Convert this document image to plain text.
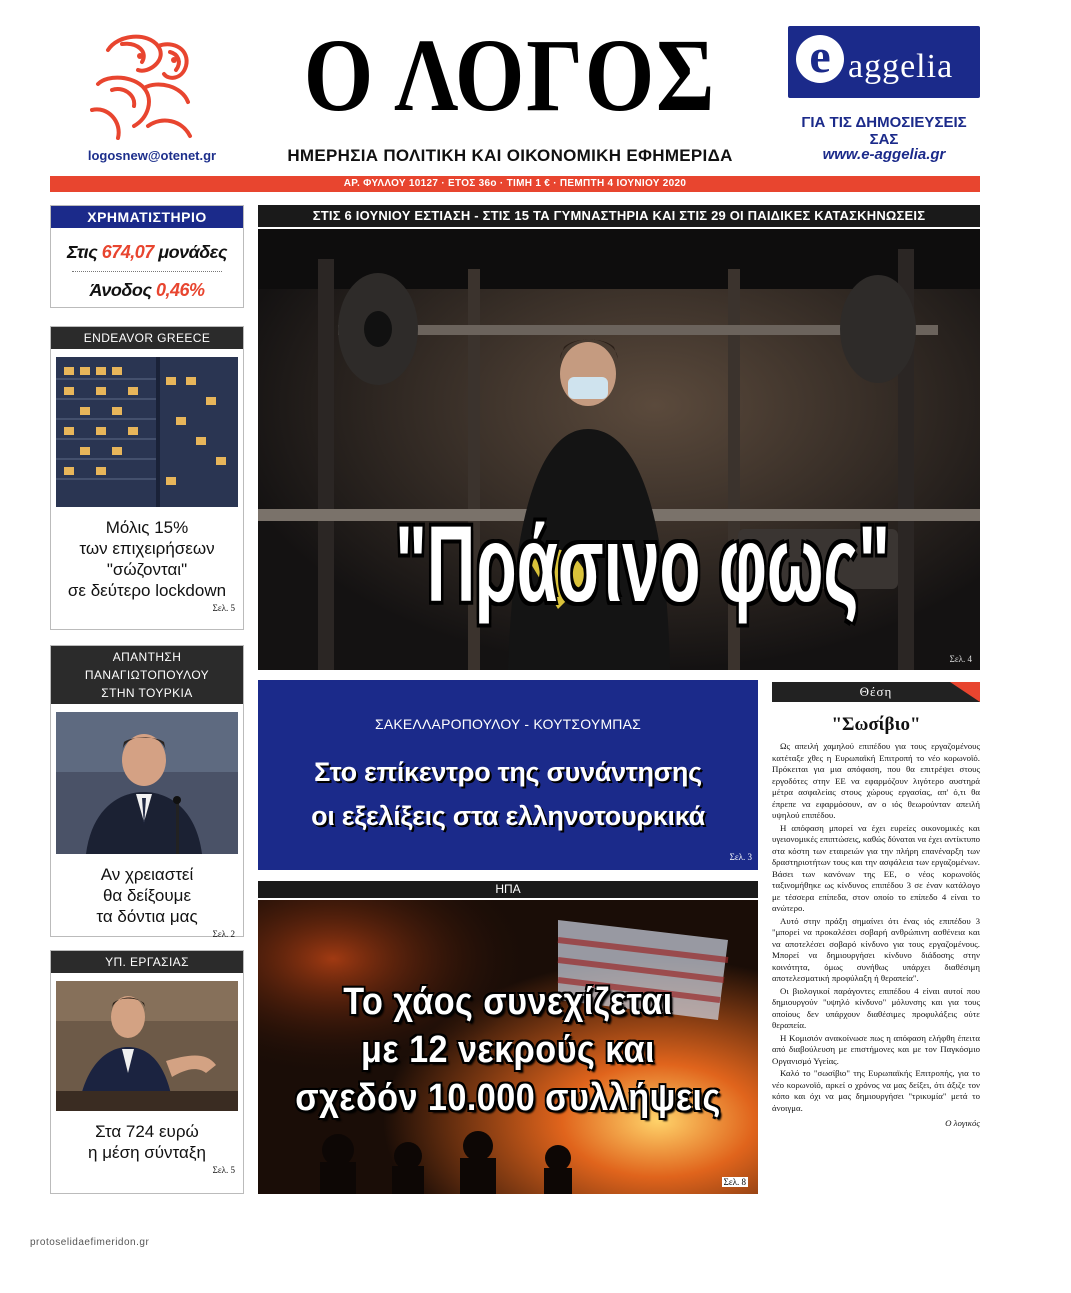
logosnew@otenet.gr
Ο ΛΟΓΟΣ
ΗΜΕΡΗΣΙΑ ΠΟΛΙΤΙΚΗ ΚΑΙ ΟΙΚΟΝΟΜΙΚΗ ΕΦΗΜΕΡΙΔΑ
e aggelia
ΓΙΑ ΤΙΣ ΔΗΜΟΣΙΕΥΣΕΙΣ ΣΑΣ
www.e-aggelia.gr
ΑΡ. ΦΥΛΛΟΥ 10127 · ΕΤΟΣ 36ο · ΤΙΜΗ 1 € · ΠΕΜΠΤΗ 4 ΙΟΥΝΙΟΥ 2020
ΧΡΗΜΑΤΙΣΤΗΡΙΟ
Στις 674,07 μονάδες
Άνοδος 0,46%
ENDEAVOR GREECE
Μόλις 15%
των επιχειρήσεων
"σώζονται"
σε δεύτερο lockdown
Σελ. 5
ΑΠΑΝΤΗΣΗ ΠΑΝΑΓΙΩΤΟΠΟΥΛΟΥ
ΣΤΗΝ ΤΟΥΡΚΙΑ
Αν χρειαστεί
θα δείξουμε
τα δόντια μας
Σελ. 2
ΥΠ. ΕΡΓΑΣΙΑΣ
Στα 724 ευρώ
η μέση σύνταξη
Σελ. 5
ΣΤΙΣ 6 ΙΟΥΝΙΟΥ ΕΣΤΙΑΣΗ - ΣΤΙΣ 15 ΤΑ ΓΥΜΝΑΣΤΗΡΙΑ ΚΑΙ ΣΤΙΣ 29 ΟΙ ΠΑΙΔΙΚΕΣ ΚΑΤΑΣΚΗΝΩΣΕΙΣ
"Πράσινο φως"
Σελ. 4
ΣΑΚΕΛΛΑΡΟΠΟΥΛΟΥ - ΚΟΥΤΣΟΥΜΠΑΣ
Στο επίκεντρο της συνάντησης
οι εξελίξεις στα ελληνοτουρκικά
Σελ. 3
ΗΠΑ
Το χάος συνεχίζεται
με 12 νεκρούς και
σχεδόν 10.000 συλλήψεις
Σελ. 8
Θέση
"Σωσίβιο"

Ως απειλή χαμηλού επιπέδου για τους εργαζομένους κατέταξε χθες η Ευρωπαϊκή Επιτροπή το νέο κορωνοϊό. Πρόκειται για μια απόφαση, που θα επιτρέψει στους εργοδότες στην ΕΕ να εφαρμόζουν λιγότερο αυστηρά μέτρα ασφαλείας στους χώρους εργασίας, απ' ό,τι θα έπρεπε να εφαρμόσουν, αν ο ιός θεωρούνταν απειλή υψηλού επιπέδου.

Η απόφαση μπορεί να έχει ευρείες οικονομικές και υγειονομικές επιπτώσεις, καθώς δύναται να έχει αντίκτυπο στα κόστη των εταιρειών για την πλήρη επανέναρξη των δραστηριοτήτων τους και την ασφάλεια των εργαζομένων. Βάσει των κανόνων της ΕΕ, ο νέος κορωνοϊός ταξινομήθηκε ως κίνδυνος επιπέδου 3 σε έναν κατάλογο με τέσσερα επίπεδα, στον οποίο το επίπεδο 4 είναι το ανώτερο.

Αυτό στην πράξη σημαίνει ότι ένας ιός επιπέδου 3 "μπορεί να προκαλέσει σοβαρή ανθρώπινη ασθένεια και να αποτελέσει σοβαρό κίνδυνο για τους εργαζομένους. Μπορεί να δημιουργήσει κίνδυνο διάδοσης στην κοινότητα, όμως συνήθως υπάρχει διαθέσιμη αποτελεσματική προφύλαξη ή θεραπεία".

Οι βιολογικοί παράγοντες επιπέδου 4 είναι αυτοί που δημιουργούν "υψηλό κίνδυνο" μόλυνσης και για τους οποίους δεν υπάρχουν διαθέσιμες προφυλάξεις ούτε θεραπεία.

Η Κομισιόν ανακοίνωσε πως η απόφαση ελήφθη έπειτα από διαβούλευση με επιστήμονες και με τον Παγκόσμιο Οργανισμό Υγείας.

Καλό το "σωσίβιο" της Ευρωπαϊκής Επιτροπής, για το νέο κορωνοϊό, αρκεί ο χρόνος να μας δείξει, ότι άξιζε τον κόπο και όχι να μας δημιουργήσει "τρικυμία" μετά το άνοιγμα.

Ο λογικός
protoselidaefimeridon.gr
